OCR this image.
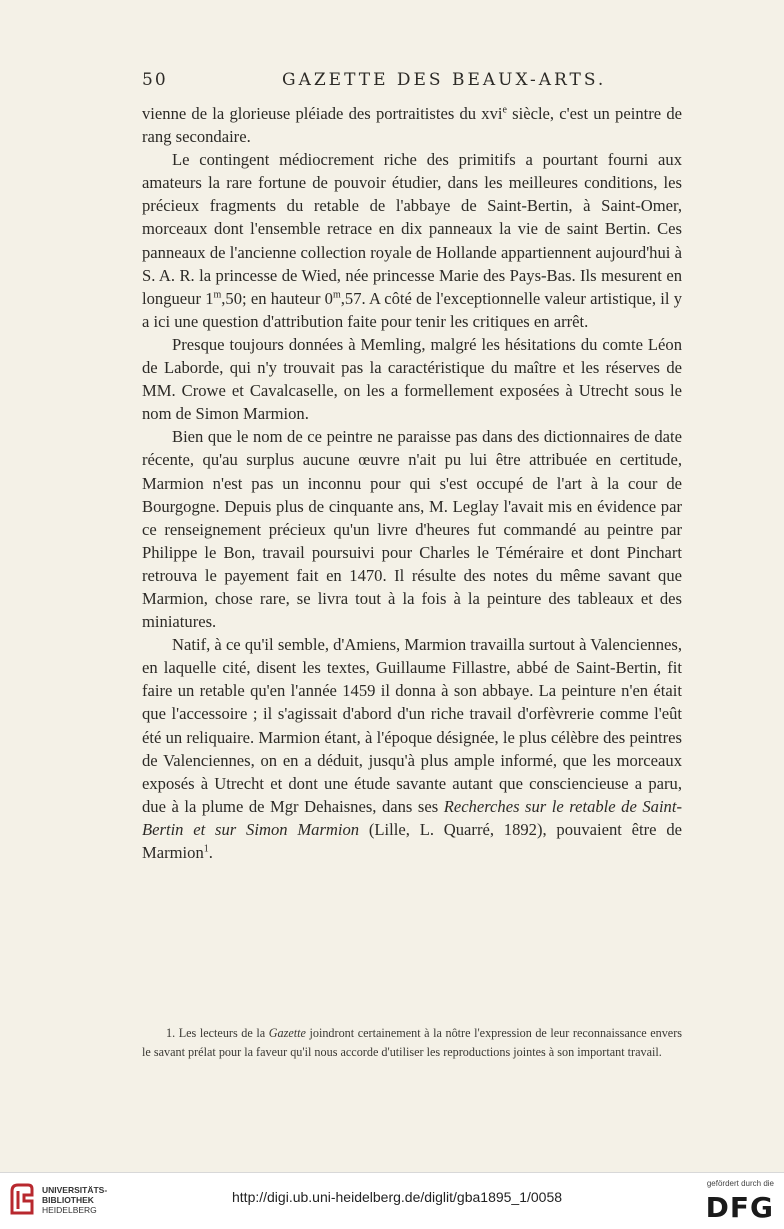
50	GAZETTE DES BEAUX-ARTS.

vienne de la glorieuse pléiade des portraitistes du xvi$^e$ siècle, c'est un peintre de rang secondaire.

Le contingent médiocrement riche des primitifs a pourtant fourni aux amateurs la rare fortune de pouvoir étudier, dans les meilleures conditions, les précieux fragments du retable de l'abbaye de Saint-Bertin, à Saint-Omer, morceaux dont l'ensemble retrace en dix panneaux la vie de saint Bertin. Ces panneaux de l'ancienne collection royale de Hollande appartiennent aujourd'hui à S. A. R. la princesse de Wied, née princesse Marie des Pays-Bas. Ils mesurent en longueur 1$^m$,50; en hauteur 0$^m$,57. A côté de l'exceptionnelle valeur artistique, il y a ici une question d'attribution faite pour tenir les critiques en arrêt.

Presque toujours données à Memling, malgré les hésitations du comte Léon de Laborde, qui n'y trouvait pas la caractéristique du maître et les réserves de MM. Crowe et Cavalcaselle, on les a formellement exposées à Utrecht sous le nom de Simon Marmion.

Bien que le nom de ce peintre ne paraisse pas dans des dictionnaires de date récente, qu'au surplus aucune œuvre n'ait pu lui être attribuée en certitude, Marmion n'est pas un inconnu pour qui s'est occupé de l'art à la cour de Bourgogne. Depuis plus de cinquante ans, M. Leglay l'avait mis en évidence par ce renseignement précieux qu'un livre d'heures fut commandé au peintre par Philippe le Bon, travail poursuivi pour Charles le Téméraire et dont Pinchart retrouva le payement fait en 1470. Il résulte des notes du même savant que Marmion, chose rare, se livra tout à la fois à la peinture des tableaux et des miniatures.

Natif, à ce qu'il semble, d'Amiens, Marmion travailla surtout à Valenciennes, en laquelle cité, disent les textes, Guillaume Fillastre, abbé de Saint-Bertin, fit faire un retable qu'en l'année 1459 il donna à son abbaye. La peinture n'en était que l'accessoire ; il s'agissait d'abord d'un riche travail d'orfèvrerie comme l'eût été un reliquaire. Marmion étant, à l'époque désignée, le plus célèbre des peintres de Valenciennes, on en a déduit, jusqu'à plus ample informé, que les morceaux exposés à Utrecht et dont une étude savante autant que consciencieuse a paru, due à la plume de Mgr Dehaisnes, dans ses Recherches sur le retable de Saint-Bertin et sur Simon Marmion (Lille, L. Quarré, 1892), pouvaient être de Marmion$^1$.

1. Les lecteurs de la Gazette joindront certainement à la nôtre l'expression de leur reconnaissance envers le savant prélat pour la faveur qu'il nous accorde d'utiliser les reproductions jointes à son important travail.

UNIVERSITÄTS-
BIBLIOTHEK
HEIDELBERG
http://digi.ub.uni-heidelberg.de/diglit/gba1895_1/0058
gefördert durch die
DFG
